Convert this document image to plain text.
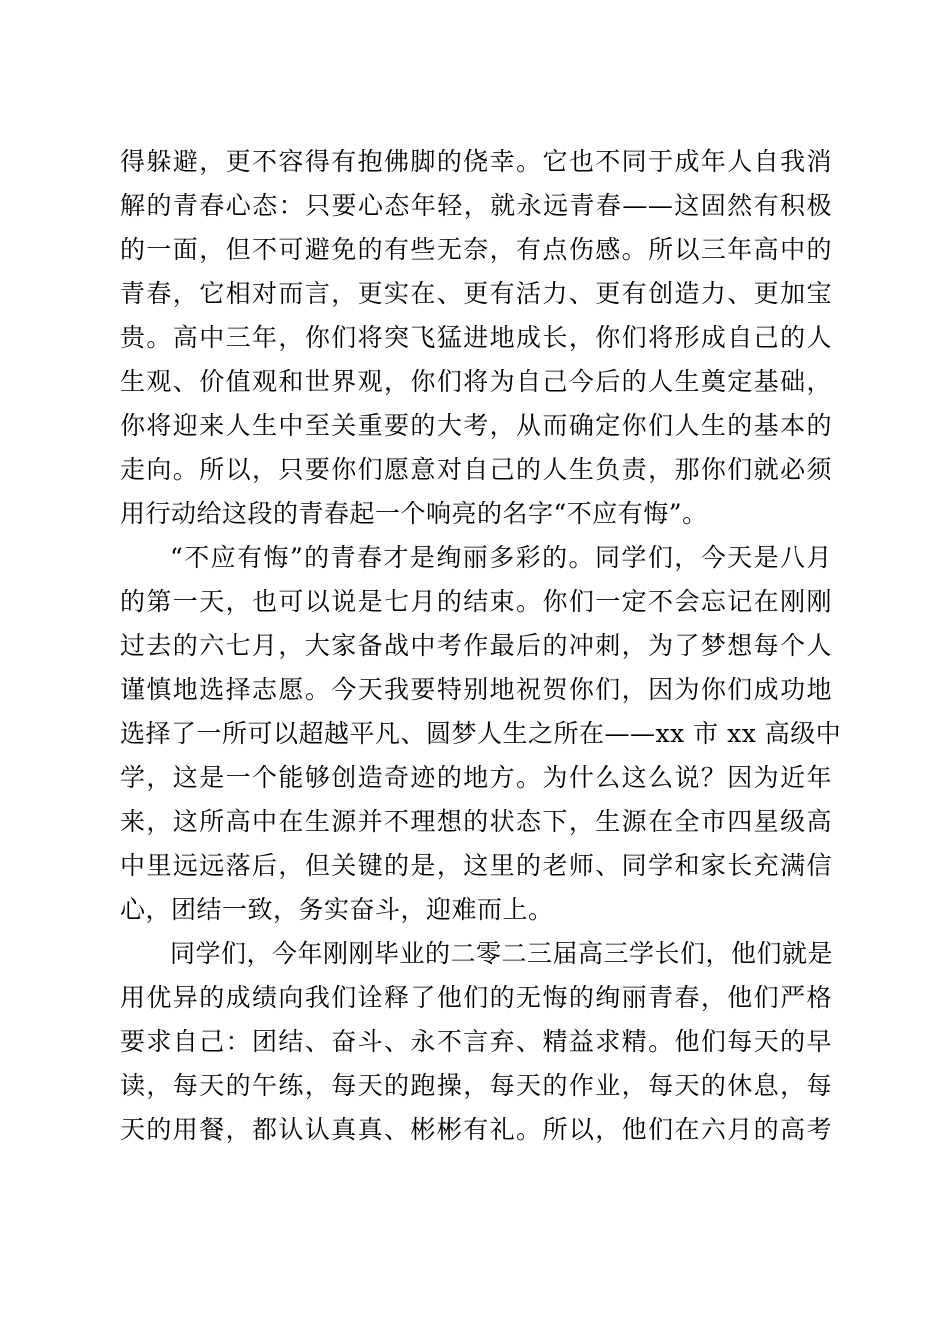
得躲避，更不容得有抱佛脚的侥幸。它也不同于成年人自我消
解的青春心态：只要心态年轻，就永远青春——这固然有积极
的一面，但不可避免的有些无奈，有点伤感。所以三年高中的
青春，它相对而言，更实在、更有活力、更有创造力、更加宝
贵。高中三年，你们将突飞猛进地成长，你们将形成自己的人
生观、价值观和世界观，你们将为自己今后的人生奠定基础，
你将迎来人生中至关重要的大考，从而确定你们人生的基本的
走向。所以，只要你们愿意对自己的人生负责，那你们就必须
用行动给这段的青春起一个响亮的名字“不应有悔”。
“不应有悔”的青春才是绚丽多彩的。同学们，今天是八月
的第一天，也可以说是七月的结束。你们一定不会忘记在刚刚
过去的六七月，大家备战中考作最后的冲刺，为了梦想每个人
谨慎地选择志愿。今天我要特别地祝贺你们，因为你们成功地
选择了一所可以超越平凡、圆梦人生之所在——xx 市 xx 高级中
学，这是一个能够创造奇迹的地方。为什么这么说？因为近年
来，这所高中在生源并不理想的状态下，生源在全市四星级高
中里远远落后，但关键的是，这里的老师、同学和家长充满信
心，团结一致，务实奋斗，迎难而上。
同学们，今年刚刚毕业的二零二三届高三学长们，他们就是
用优异的成绩向我们诠释了他们的无悔的绚丽青春，他们严格
要求自己：团结、奋斗、永不言弃、精益求精。他们每天的早
读，每天的午练，每天的跑操，每天的作业，每天的休息，每
天的用餐，都认认真真、彬彬有礼。所以，他们在六月的高考
